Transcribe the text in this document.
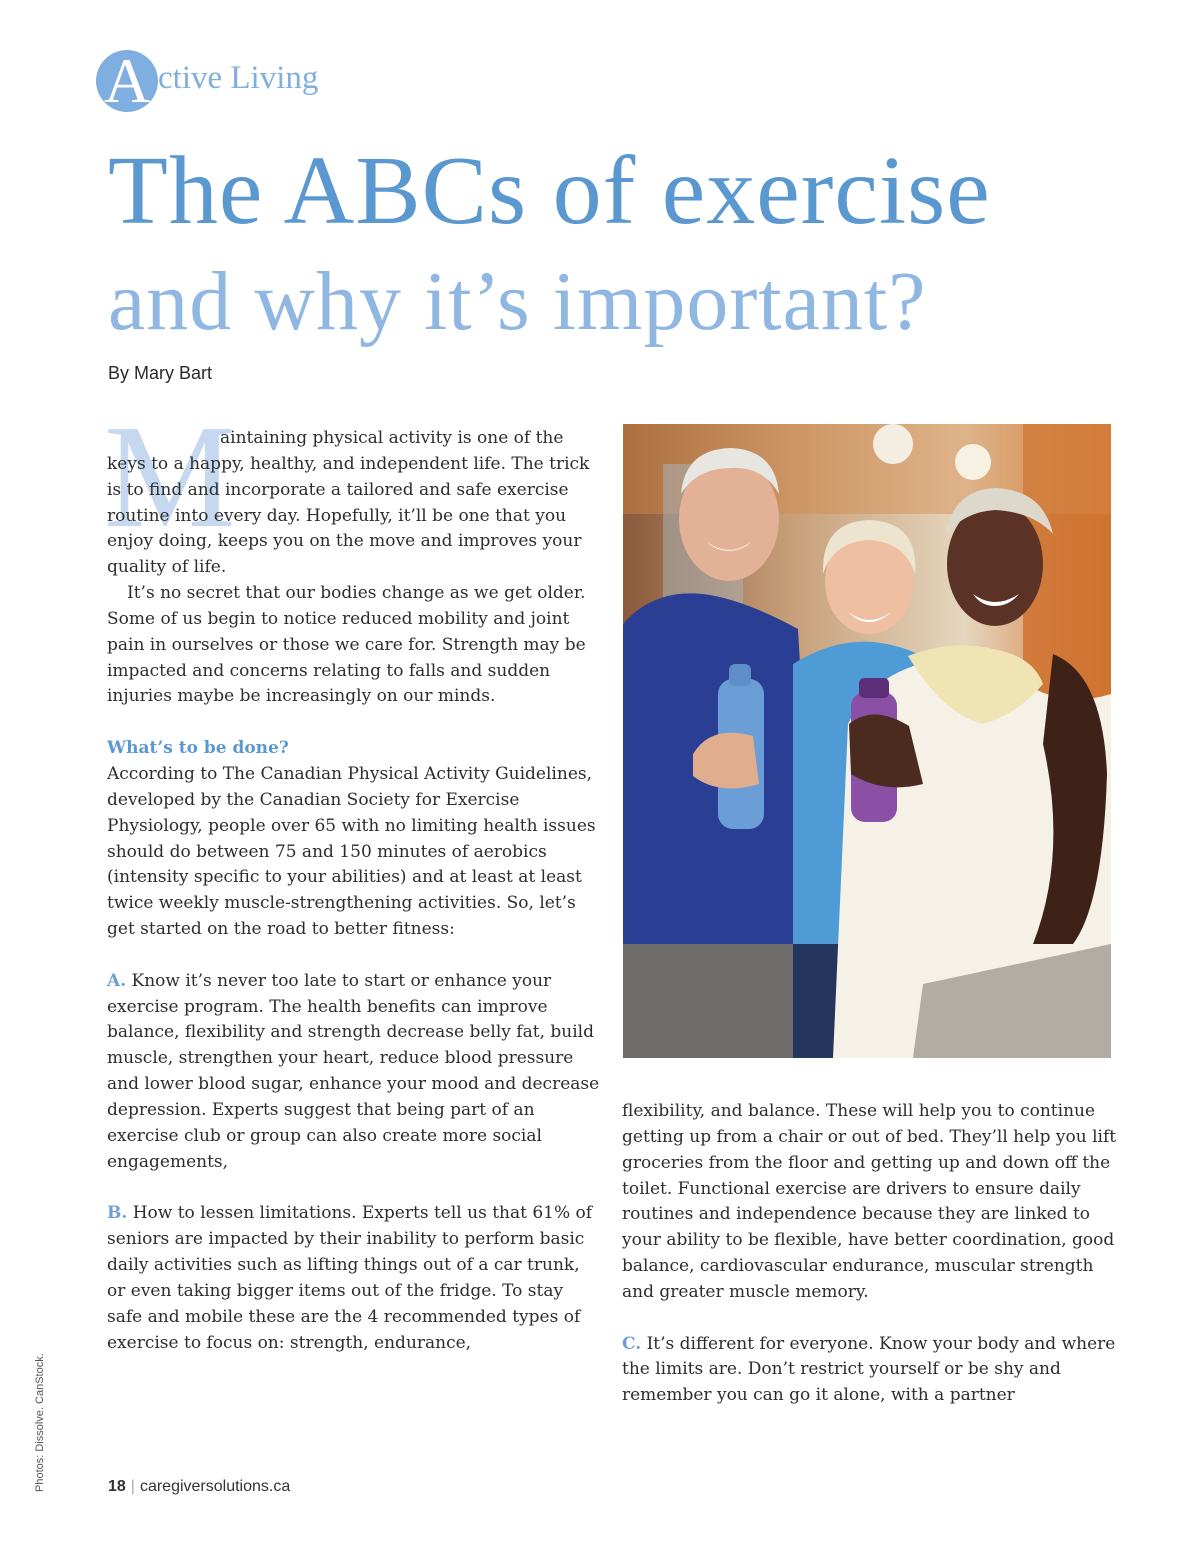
A ctive Living
The ABCs of exercise
and why it’s important?
By Mary Bart
M

aintaining physical activity is one of the keys to a happy, healthy, and independent life. The trick is to find and incorporate a tailored and safe exercise routine into every day. Hopefully, it’ll be one that you enjoy doing, keeps you on the move and improves your quality of life.

It’s no secret that our bodies change as we get older. Some of us begin to notice reduced mobility and joint pain in ourselves or those we care for. Strength may be impacted and concerns relating to falls and sudden injuries maybe be increasingly on our minds.

What’s to be done?

According to The Canadian Physical Activity Guidelines, developed by the Canadian Society for Exercise Physiology, people over 65 with no limiting health issues should do between 75 and 150 minutes of aerobics (intensity specific to your abilities) and at least at least twice weekly muscle-strengthening activities. So, let’s get started on the road to better fitness:

A. Know it’s never too late to start or enhance your exercise program. The health benefits can improve balance, flexibility and strength decrease belly fat, build muscle, strengthen your heart, reduce blood pressure and lower blood sugar, enhance your mood and decrease depression. Experts suggest that being part of an exercise club or group can also create more social engagements,

B. How to lessen limitations. Experts tell us that 61% of seniors are impacted by their inability to perform basic daily activities such as lifting things out of a car trunk, or even taking bigger items out of the fridge. To stay safe and mobile these are the 4 recommended types of exercise to focus on: strength, endurance,

photo-icon

flexibility, and balance. These will help you to continue getting up from a chair or out of bed. They’ll help you lift groceries from the floor and getting up and down off the toilet. Functional exercise are drivers to ensure daily routines and independence because they are linked to your ability to be flexible, have better coordination, good balance, cardiovascular endurance, muscular strength and greater muscle memory.

C. It’s different for everyone. Know your body and where the limits are. Don’t restrict yourself or be shy and remember you can go it alone, with a partner

Photos: Dissolve. CanStock.	18 | caregiversolutions.ca
